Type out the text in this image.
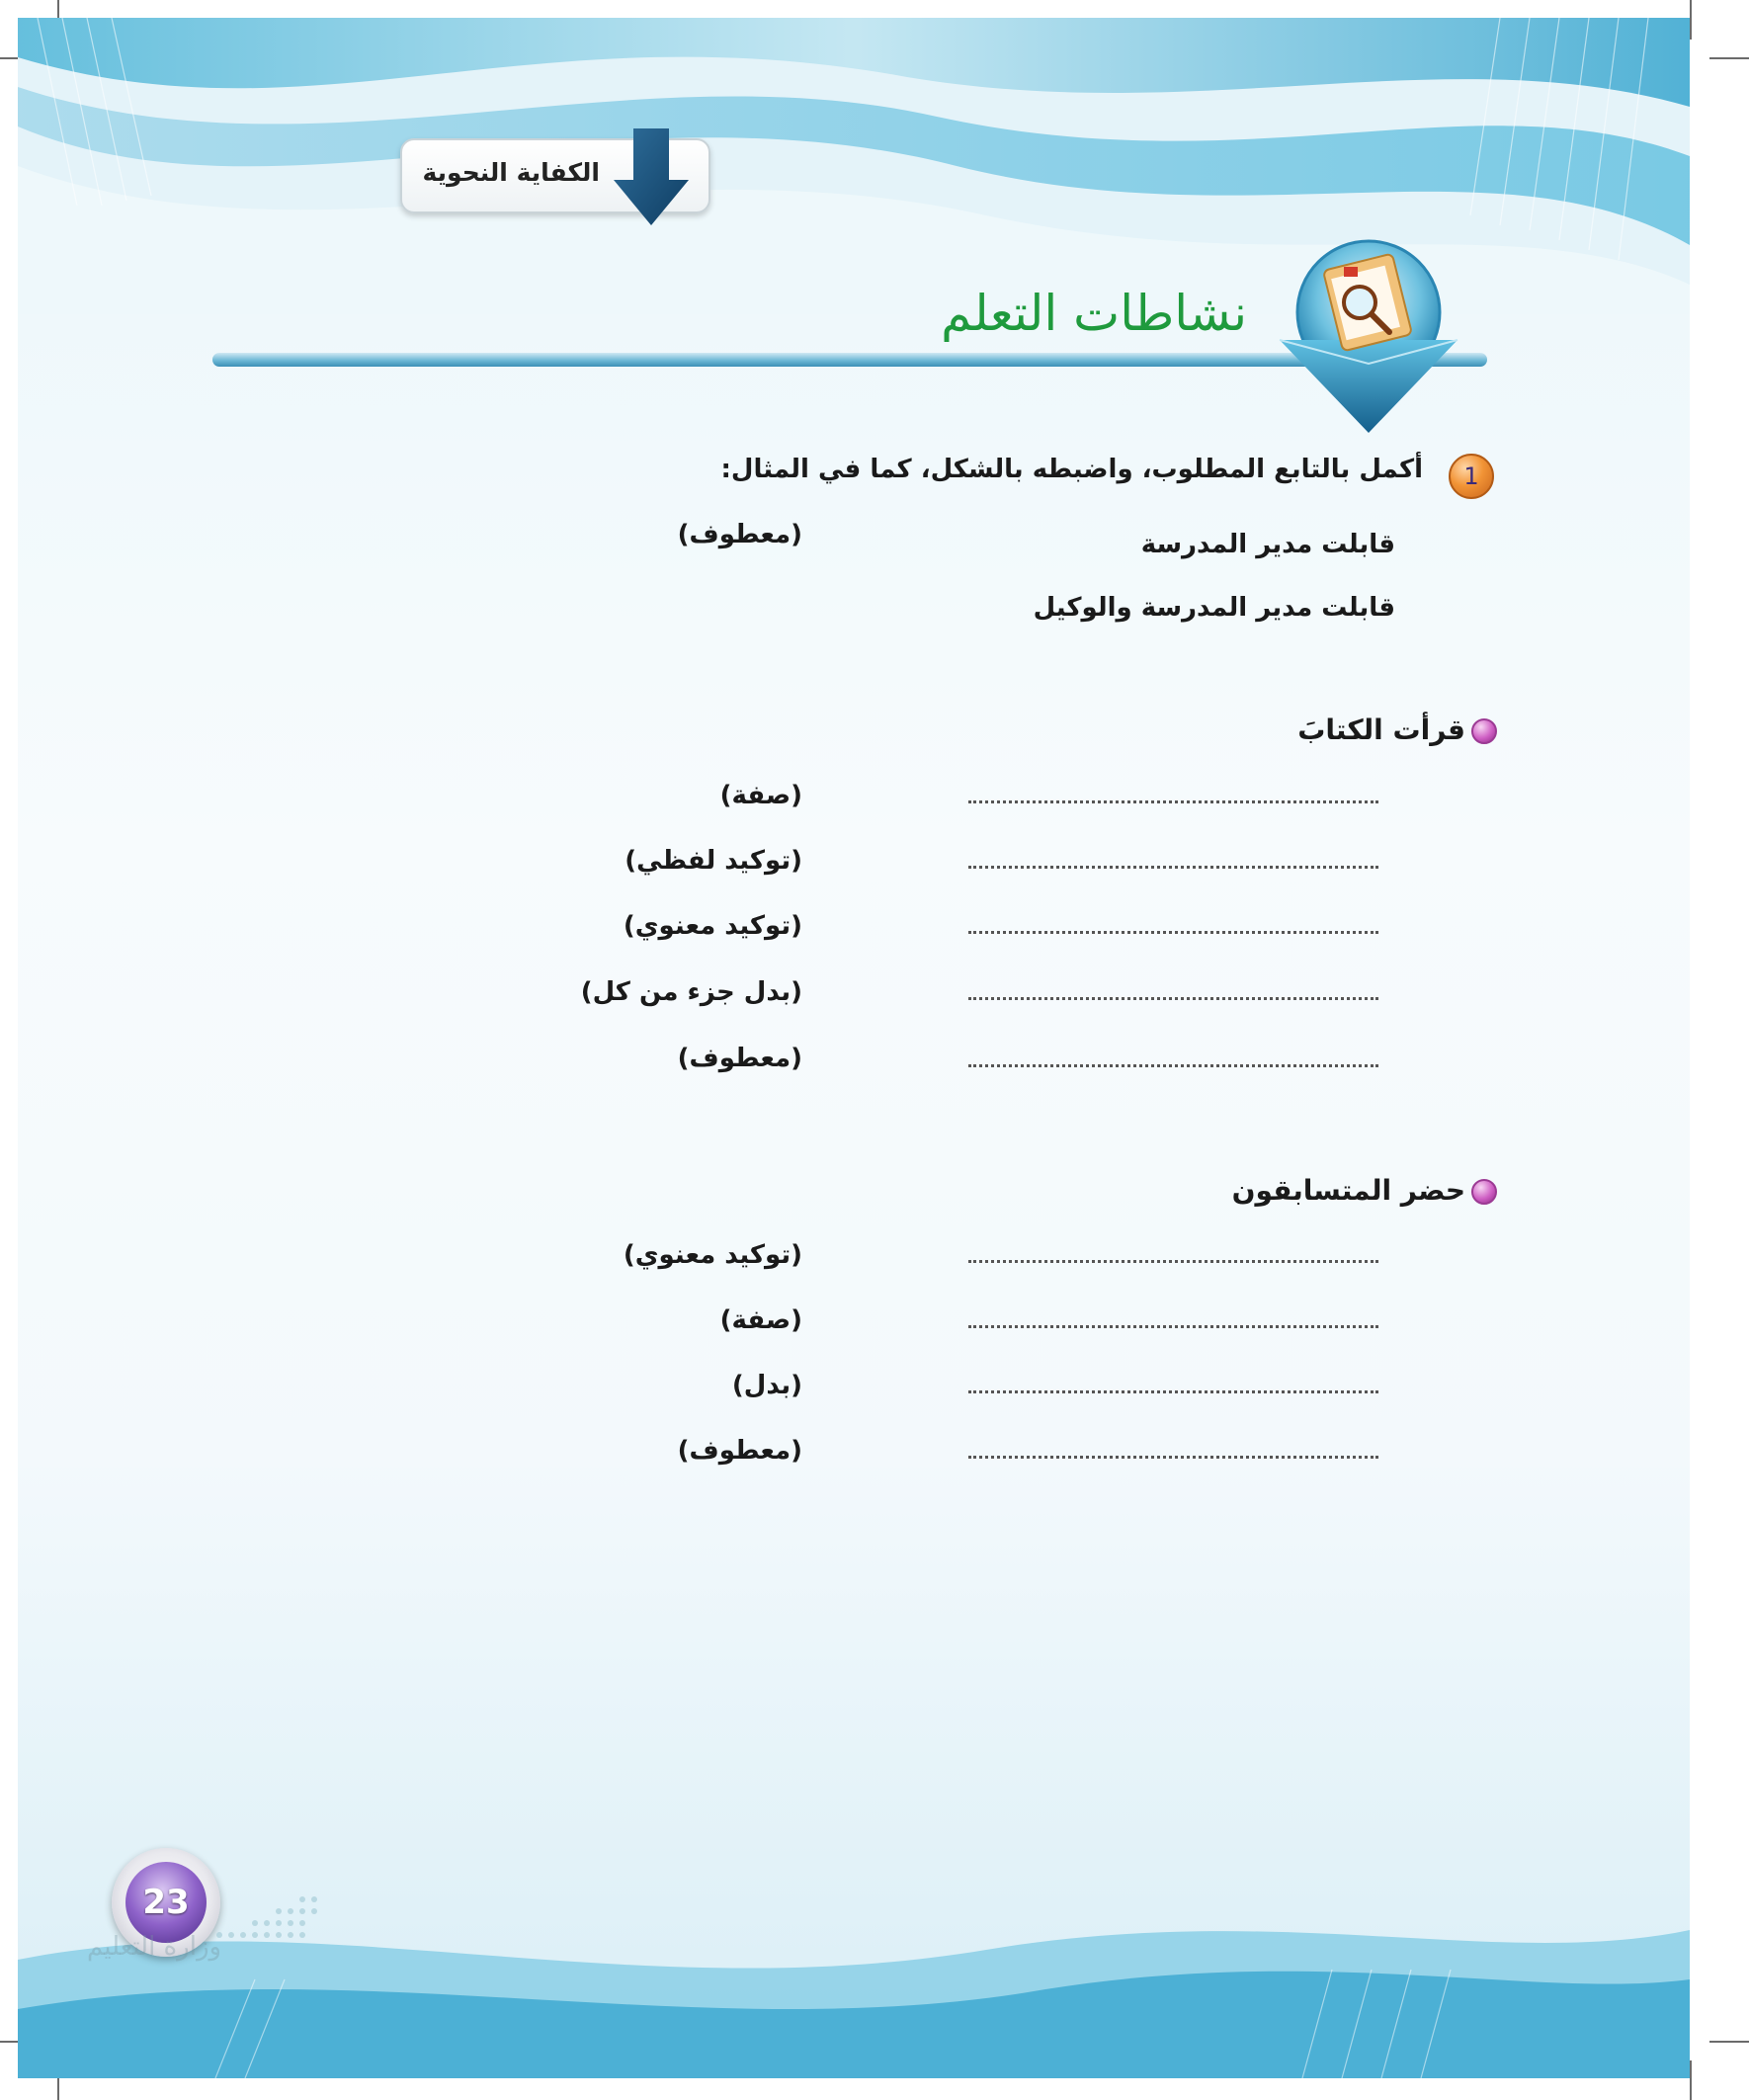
الكفاية النحوية
نشاطات التعلم
1
أكمل بالتابع المطلوب، واضبطه بالشكل، كما في المثال:
قابلت مدير المدرسة
(معطوف)
قابلت مدير المدرسة والوكيل
قرأت الكتابَ
(صفة)
(توكيد لفظي)
(توكيد معنوي)
(بدل جزء من كل)
(معطوف)
حضر المتسابقون
(توكيد معنوي)
(صفة)
(بدل)
(معطوف)
23
وزارة التعليم
